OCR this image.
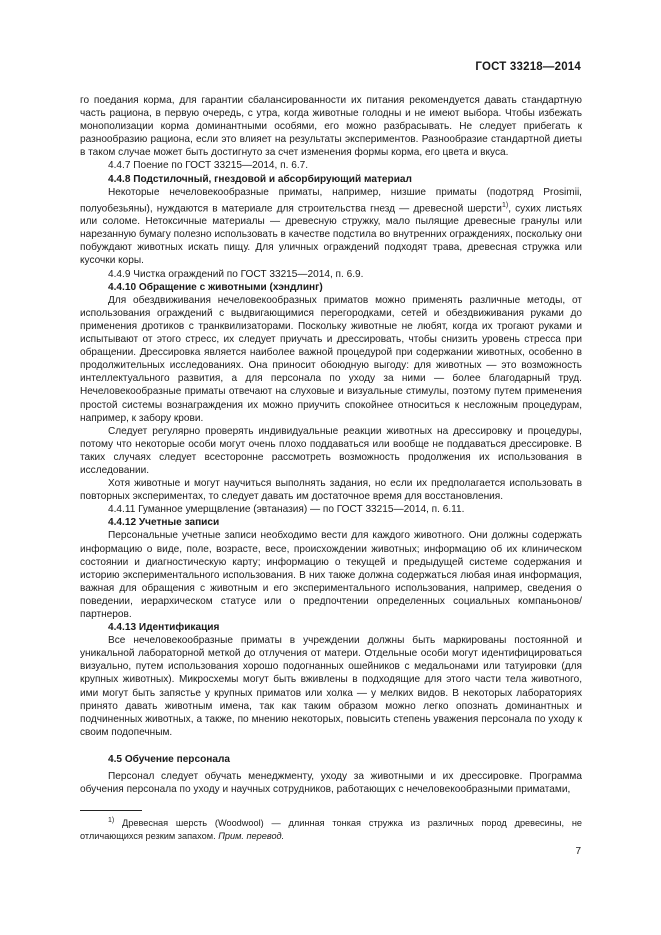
ГОСТ 33218—2014

го поедания корма, для гарантии сбалансированности их питания рекомендуется давать стандартную часть рациона, в первую очередь, с утра, когда животные голодны и не имеют выбора. Чтобы избежать монополизации корма доминантными особями, его можно разбрасывать. Не следует прибегать к разнообразию рациона, если это влияет на результаты экспериментов. Разнообразие стандартной диеты в таком случае может быть достигнуто за счет изменения формы корма, его цвета и вкуса.

4.4.7 Поение по ГОСТ 33215—2014, п. 6.7.

4.4.8 Подстилочный, гнездовой и абсорбирующий материал

Некоторые нечеловекообразные приматы, например, низшие приматы (подотряд Prosimii, полуобезьяны), нуждаются в материале для строительства гнезд — древесной шерсти$^{1)}$, сухих листьях или соломе. Нетоксичные материалы — древесную стружку, мало пылящие древесные гранулы или нарезанную бумагу полезно использовать в качестве подстила во внутренних ограждениях, поскольку они побуждают животных искать пищу. Для уличных ограждений подходят трава, древесная стружка или кусочки коры.

4.4.9 Чистка ограждений по ГОСТ 33215—2014, п. 6.9.

4.4.10 Обращение с животными (хэндлинг)

Для обездвиживания нечеловекообразных приматов можно применять различные методы, от использования ограждений с выдвигающимися перегородками, сетей и обездвиживания руками до применения дротиков с транквилизаторами. Поскольку животные не любят, когда их трогают руками и испытывают от этого стресс, их следует приучать и дрессировать, чтобы снизить уровень стресса при обращении. Дрессировка является наиболее важной процедурой при содержании животных, особенно в продолжительных исследованиях. Она приносит обоюдную выгоду: для животных — это возможность интеллектуального развития, а для персонала по уходу за ними — более благодарный труд. Нечеловекообразные приматы отвечают на слуховые и визуальные стимулы, поэтому путем применения простой системы вознаграждения их можно приучить спокойнее относиться к несложным процедурам, например, к забору крови.

Следует регулярно проверять индивидуальные реакции животных на дрессировку и процедуры, потому что некоторые особи могут очень плохо поддаваться или вообще не поддаваться дрессировке. В таких случаях следует всесторонне рассмотреть возможность продолжения их использования в исследовании.

Хотя животные и могут научиться выполнять задания, но если их предполагается использовать в повторных экспериментах, то следует давать им достаточное время для восстановления.

4.4.11 Гуманное умерщвление (эвтаназия) — по ГОСТ 33215—2014, п. 6.11.

4.4.12 Учетные записи

Персональные учетные записи необходимо вести для каждого животного. Они должны содержать информацию о виде, поле, возрасте, весе, происхождении животных; информацию об их клиническом состоянии и диагностическую карту; информацию о текущей и предыдущей системе содержания и историю экспериментального использования. В них также должна содержаться любая иная информация, важная для обращения с животным и его экспериментального использования, например, сведения о поведении, иерархическом статусе или о предпочтении определенных социальных компаньонов/партнеров.

4.4.13 Идентификация

Все нечеловекообразные приматы в учреждении должны быть маркированы постоянной и уникальной лабораторной меткой до отлучения от матери. Отдельные особи могут идентифицироваться визуально, путем использования хорошо подогнанных ошейников с медальонами или татуировки (для крупных животных). Микросхемы могут быть вживлены в подходящие для этого части тела животного, ими могут быть запястье у крупных приматов или холка — у мелких видов. В некоторых лабораториях принято давать животным имена, так как таким образом можно легко опознать доминантных и подчиненных животных, а также, по мнению некоторых, повысить степень уважения персонала по уходу к своим подопечным.

4.5 Обучение персонала

Персонал следует обучать менеджменту, уходу за животными и их дрессировке. Программа обучения персонала по уходу и научных сотрудников, работающих с нечеловекообразными приматами,

$^{1)}$ Древесная шерсть (Woodwool) — длинная тонкая стружка из различных пород древесины, не отличающихся резким запахом. Прим. перевод.
7
